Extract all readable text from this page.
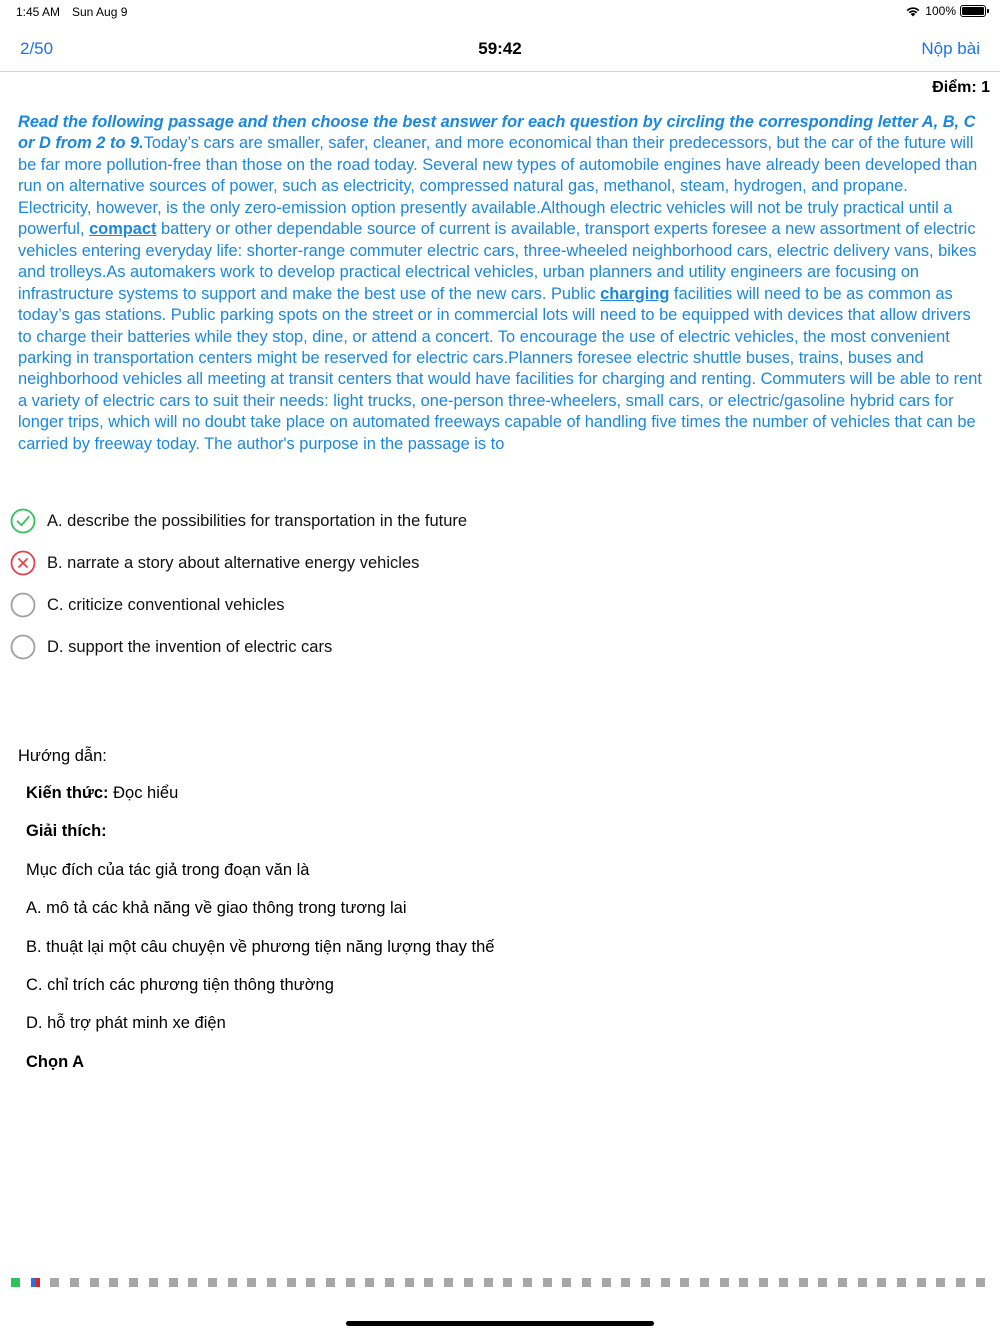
1:45 AM Sun Aug 9	100%
2/50	59:42	Nộp bài
Điểm: 1
Read the following passage and then choose the best answer for each question by circling the corresponding letter A, B, C or D from 2 to 9.Today’s cars are smaller, safer, cleaner, and more economical than their predecessors, but the car of the future will be far more pollution-free than those on the road today. Several new types of automobile engines have already been developed than run on alternative sources of power, such as electricity, compressed natural gas, methanol, steam, hydrogen, and propane. Electricity, however, is the only zero-emission option presently available.Although electric vehicles will not be truly practical until a powerful, compact battery or other dependable source of current is available, transport experts foresee a new assortment of electric vehicles entering everyday life: shorter-range commuter electric cars, three-wheeled neighborhood cars, electric delivery vans, bikes and trolleys.As automakers work to develop practical electrical vehicles, urban planners and utility engineers are focusing on infrastructure systems to support and make the best use of the new cars. Public charging facilities will need to be as common as today’s gas stations. Public parking spots on the street or in commercial lots will need to be equipped with devices that allow drivers to charge their batteries while they stop, dine, or attend a concert. To encourage the use of electric vehicles, the most convenient parking in transportation centers might be reserved for electric cars.Planners foresee electric shuttle buses, trains, buses and neighborhood vehicles all meeting at transit centers that would have facilities for charging and renting. Commuters will be able to rent a variety of electric cars to suit their needs: light trucks, one-person three-wheelers, small cars, or electric/gasoline hybrid cars for longer trips, which will no doubt take place on automated freeways capable of handling five times the number of vehicles that can be carried by freeway today. The author's purpose in the passage is to
A. describe the possibilities for transportation in the future
B. narrate a story about alternative energy vehicles
C. criticize conventional vehicles
D. support the invention of electric cars
Hướng dẫn:
Kiến thức: Đọc hiểu
Giải thích:
Mục đích của tác giả trong đoạn văn là
A. mô tả các khả năng về giao thông trong tương lai
B. thuật lại một câu chuyện về phương tiện năng lượng thay thế
C. chỉ trích các phương tiện thông thường
D. hỗ trợ phát minh xe điện
Chọn A
